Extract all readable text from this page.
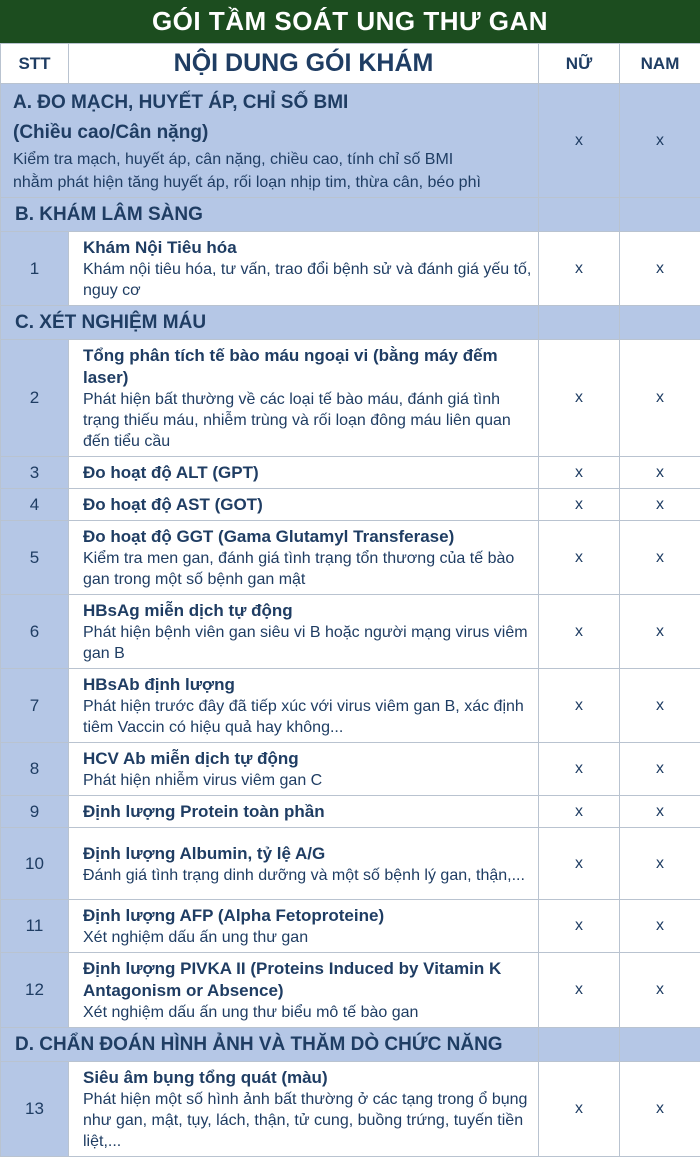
GÓI TẦM SOÁT UNG THƯ GAN
STT	NỘI DUNG GÓI KHÁM	NỮ	NAM

A. ĐO MẠCH, HUYẾT ÁP, CHỈ SỐ BMI
(Chiều cao/Cân nặng)
Kiểm tra mạch, huyết áp, cân nặng, chiều cao, tính chỉ số BMI
nhằm phát hiện tăng huyết áp, rối loạn nhịp tim, thừa cân, béo phì		x	x
B. KHÁM LÂM SÀNG			
1	Khám Nội Tiêu hóa
Khám nội tiêu hóa, tư vấn, trao đổi bệnh sử và đánh giá yếu tố, nguy cơ	x	x
C. XÉT NGHIỆM MÁU			
2	Tổng phân tích tế bào máu ngoại vi (bằng máy đếm laser)
Phát hiện bất thường về các loại tế bào máu, đánh giá tình trạng thiếu máu, nhiễm trùng và rối loạn đông máu liên quan đến tiểu cầu	x	x
3	Đo hoạt độ ALT (GPT)	x	x
4	Đo hoạt độ AST (GOT)	x	x
5	Đo hoạt độ GGT (Gama Glutamyl Transferase)
Kiểm tra men gan, đánh giá tình trạng tổn thương của tế bào gan trong một số bệnh gan mật	x	x
6	HBsAg miễn dịch tự động
Phát hiện bệnh viên gan siêu vi B hoặc người mạng virus viêm gan B	x	x
7	HBsAb định lượng
Phát hiện trước đây đã tiếp xúc với virus viêm gan B, xác định tiêm Vaccin có hiệu quả hay không...	x	x
8	HCV Ab miễn dịch tự động
Phát hiện nhiễm virus viêm gan C	x	x
9	Định lượng Protein toàn phần	x	x
10	Định lượng Albumin, tỷ lệ A/G
Đánh giá tình trạng dinh dưỡng và một số bệnh lý gan, thận,...	x	x
11	Định lượng AFP (Alpha Fetoproteine)
Xét nghiệm dấu ấn ung thư gan	x	x
12	Định lượng PIVKA II (Proteins Induced by Vitamin K Antagonism or Absence)
Xét nghiệm dấu ấn ung thư biểu mô tế bào gan	x	x
D. CHẨN ĐOÁN HÌNH ẢNH VÀ THĂM DÒ CHỨC NĂNG			
13	Siêu âm bụng tổng quát (màu)
Phát hiện một số hình ảnh bất thường ở các tạng trong ổ bụng như gan, mật, tụy, lách, thận, tử cung, buồng trứng, tuyến tiền liệt,...	x	x
